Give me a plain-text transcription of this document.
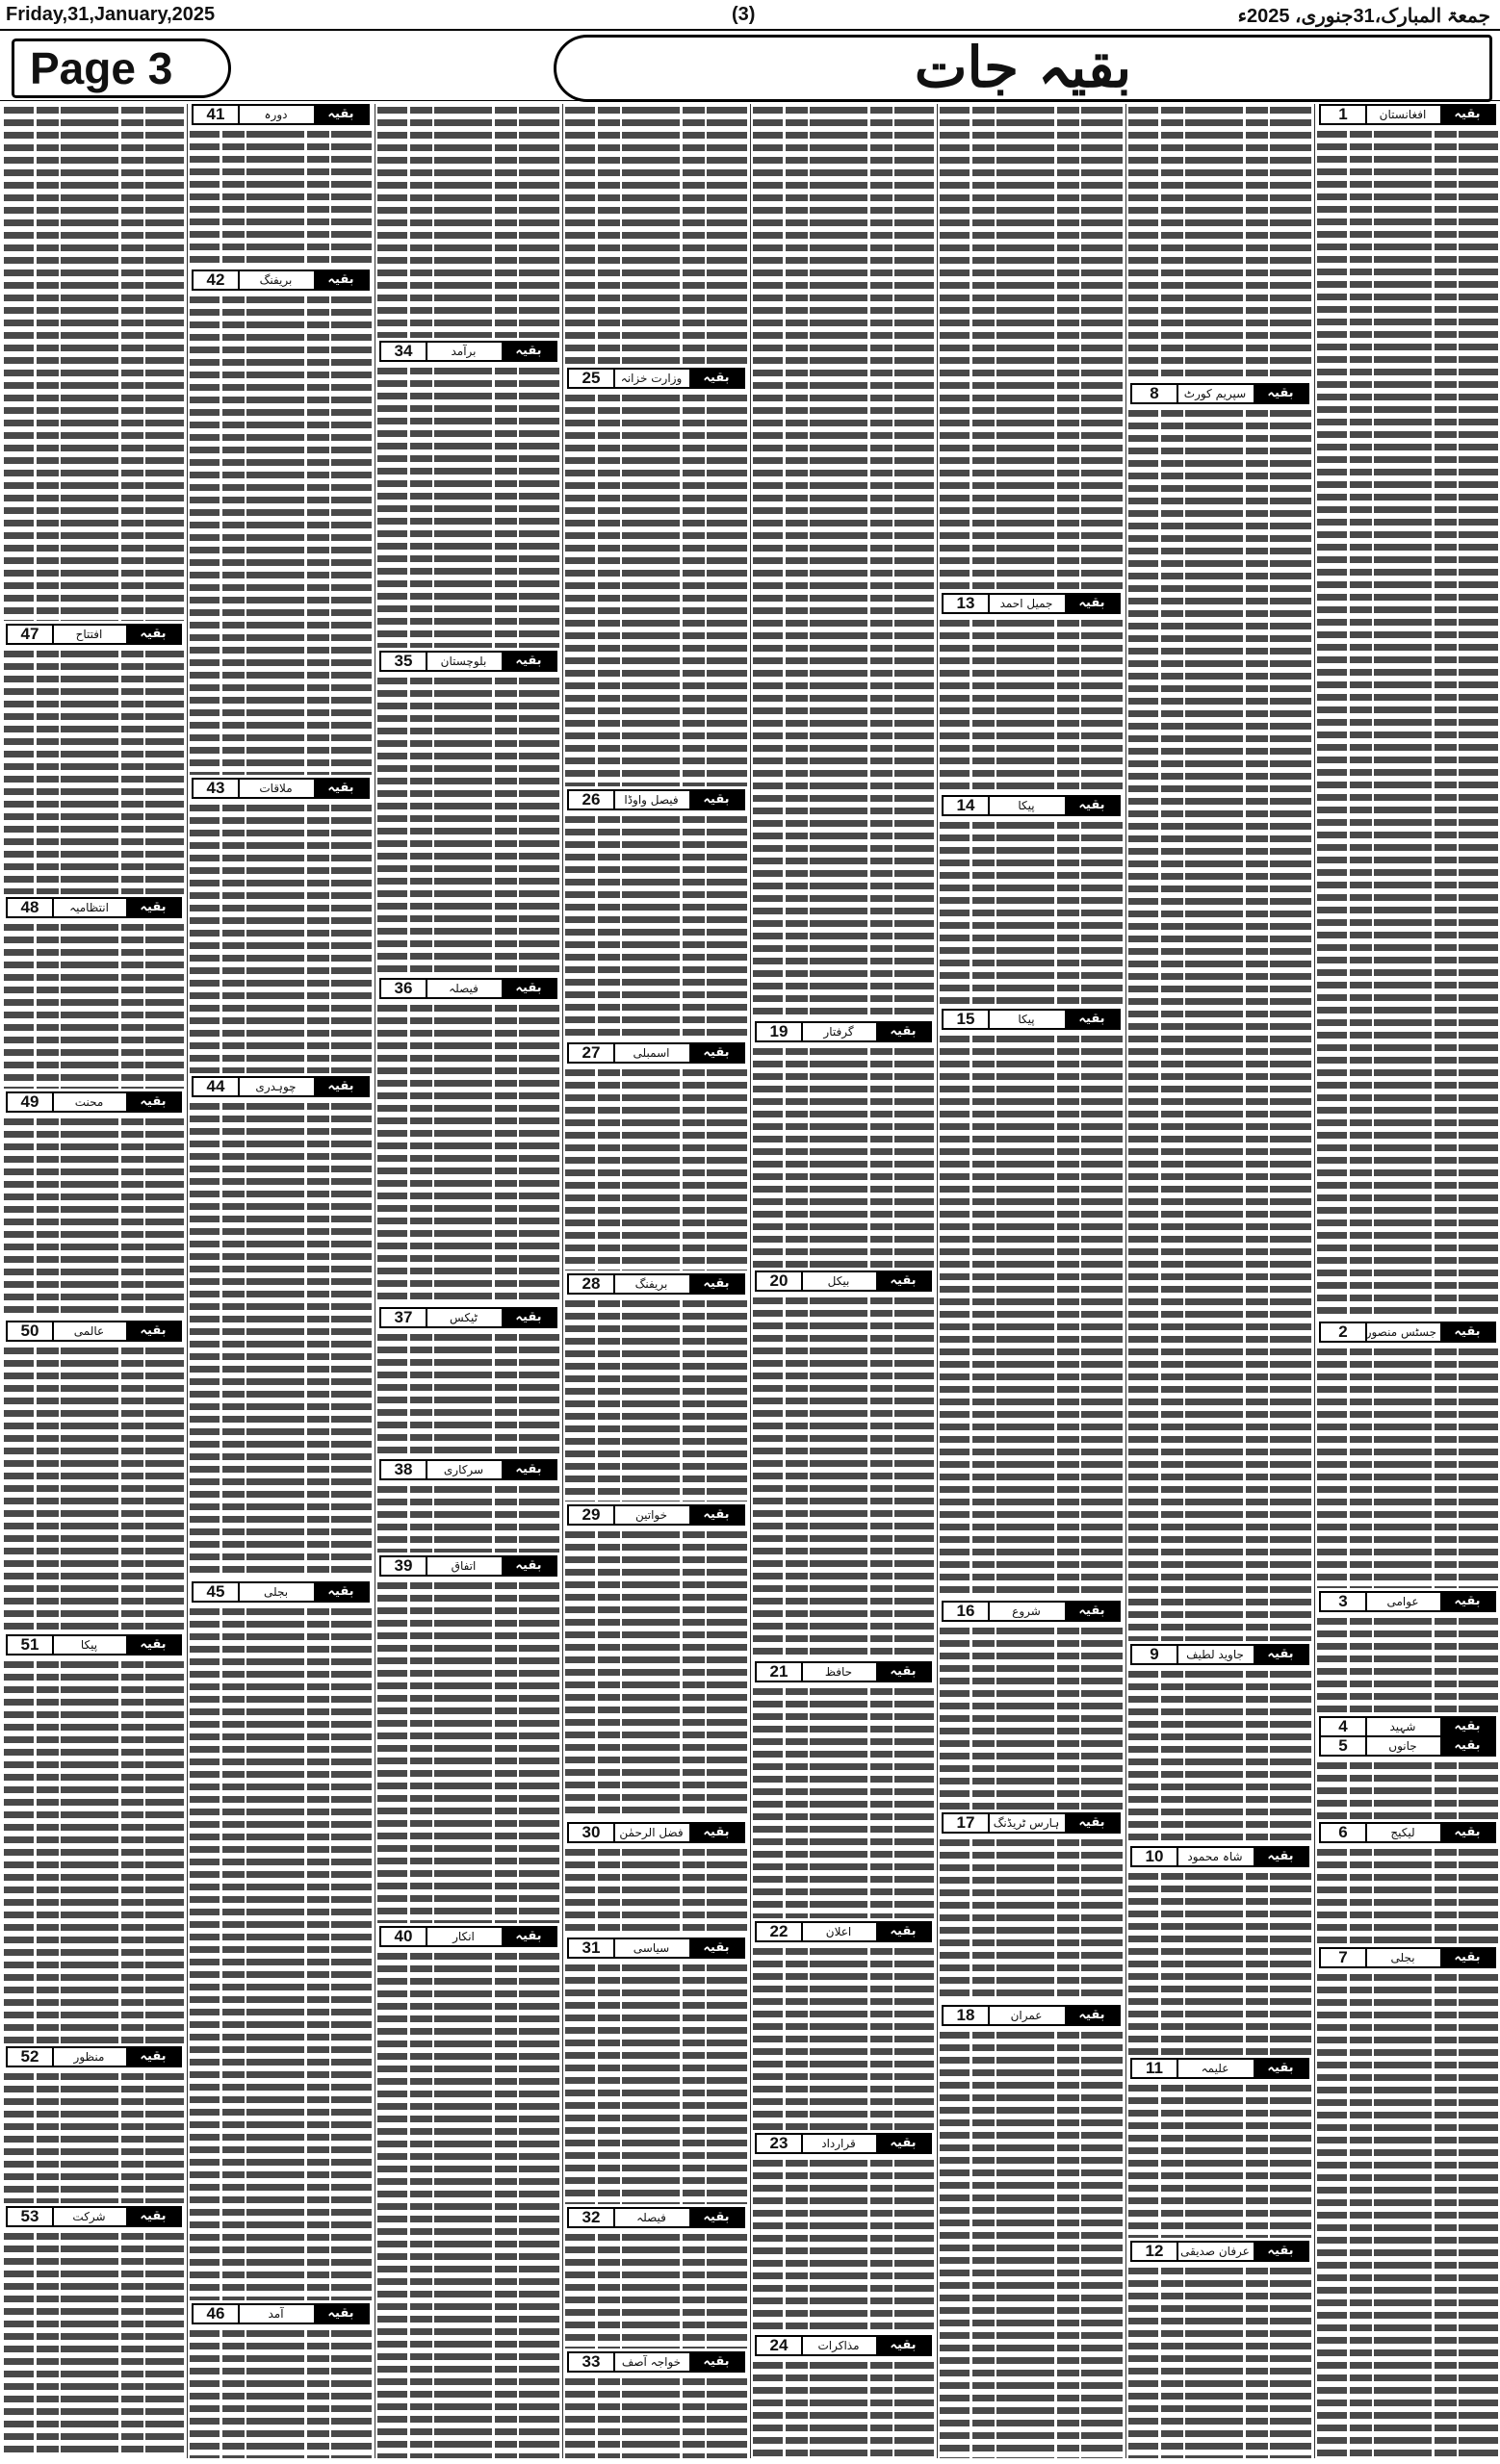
Friday,31,January,2025	(3)	جمعۃ المبارک،31جنوری، 2025ء
Page 3	بقیہ جات
1	افغانستان	بقیہ
2	جسٹس منصور	بقیہ
3	عوامی	بقیہ
4	شہید	بقیہ
5	جانوں	بقیہ
6	لیکیج	بقیہ
7	بجلی	بقیہ
8	سپریم کورٹ	بقیہ
9	جاوید لطیف	بقیہ
10	شاہ محمود	بقیہ
11	علیمہ	بقیہ
12	عرفان صدیقی	بقیہ
13	جمیل احمد	بقیہ
14	پیکا	بقیہ
15	پیکا	بقیہ
16	شروع	بقیہ
17	ہارس ٹریڈنگ	بقیہ
18	عمران	بقیہ
19	گرفتار	بقیہ
20	بیکل	بقیہ
21	حافظ	بقیہ
22	اعلان	بقیہ
23	قرارداد	بقیہ
24	مذاکرات	بقیہ
25	وزارت خزانہ	بقیہ
26	فیصل واوڈا	بقیہ
27	اسمبلی	بقیہ
28	بریفنگ	بقیہ
29	خواتین	بقیہ
30	فضل الرحمٰن	بقیہ
31	سیاسی	بقیہ
32	فیصلہ	بقیہ
33	خواجہ آصف	بقیہ
34	برآمد	بقیہ
35	بلوچستان	بقیہ
36	فیصلہ	بقیہ
37	ٹیکس	بقیہ
38	سرکاری	بقیہ
39	اتفاق	بقیہ
40	انکار	بقیہ
41	دورہ	بقیہ
42	بریفنگ	بقیہ
43	ملاقات	بقیہ
44	چوہدری	بقیہ
45	بجلی	بقیہ
46	آمد	بقیہ
47	افتتاح	بقیہ
48	انتظامیہ	بقیہ
49	محنت	بقیہ
50	عالمی	بقیہ
51	پیکا	بقیہ
52	منظور	بقیہ
53	شرکت	بقیہ
